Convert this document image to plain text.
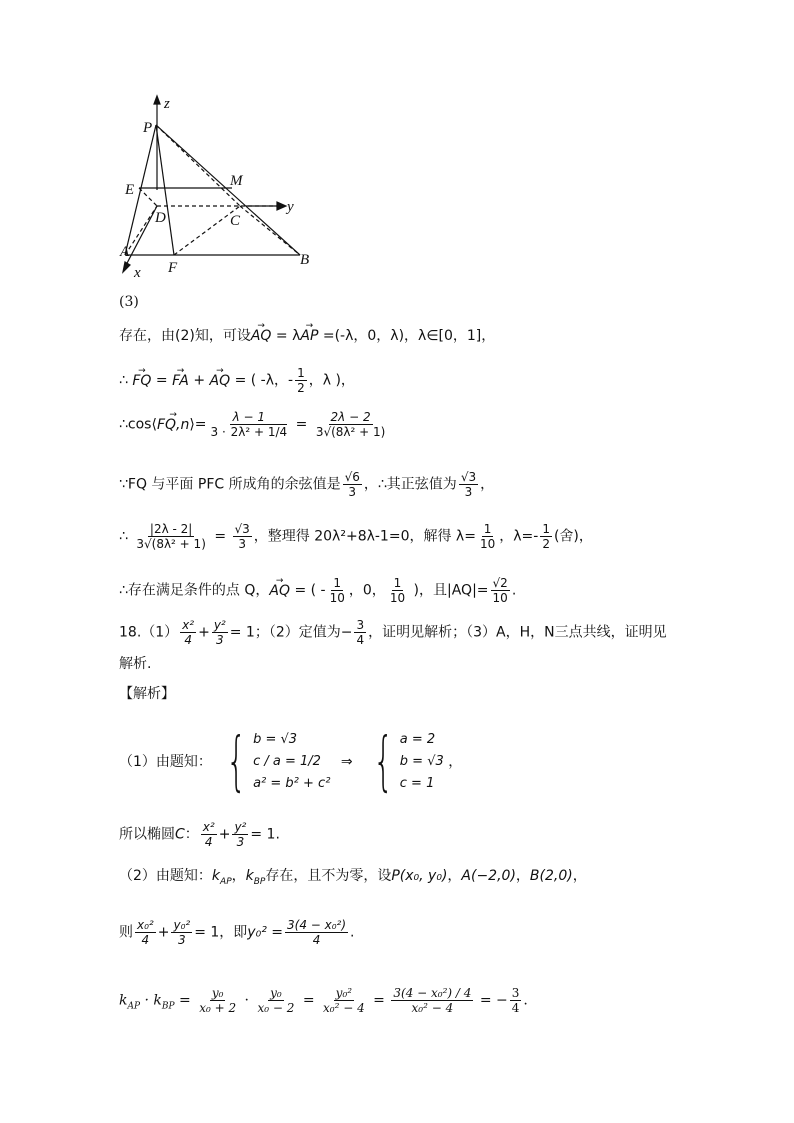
z
P
M
E
D	C
y
A
x F	B
(3)
存在，由(2)知，可设→ AQ = λ→ AP =(-λ，0，λ)，λ∈[0，1]，
∴ → FQ = → FA + → AQ = ( -λ，- $\frac{1}{2}$ ，λ )，
∴cos⟨→ FQ,n⟩= $\frac{\lambda - 1}{\text{3 · 2λ² + 1/4}} = \frac{2\lambda - 2}{\text{3√(8λ² + 1)}}$
∵FQ 与平面 PFC 所成角的余弦值是 $\frac{√6}{3}$ ，∴其正弦值为 $\frac{√3}{3}$ ，
∴ $\frac{|2\lambda - 2|}{\text{3√(8λ² + 1)}} = \frac{√3}{3}$ ，整理得 20λ²+8λ-1=0，解得 $\lambda= \frac{1}{10}$ ，$\lambda=- \frac{1}{2}$ (舍)，
∴存在满足条件的点 Q，→ AQ = ( - $\frac{1}{10}$ ，0， $\frac{1}{10}$ )，且$|AQ|= \frac{√2}{10}$ .
$18.(1) \frac{\text{x²}}{4} + \frac{\text{y²}}{3} = 1$；（2）定值为− $\frac{3}{4}$ ，证明见解析；（3）A，H，N三点共线，证明见
解析.
【解析】
（1）由题知： { b = √3
c / a = 1/2
a² = b² + c²
⇒ { a = 2
b = √3
c = 1
，
所以椭圆C： $\frac{\text{x²}}{4} + \frac{\text{y²}}{3} = 1$.
（2）由题知：$k_{AP}$，$k_{BP}$存在，且不为零，设P(x₀, y₀)，A(−2,0)，B(2,0)，
则 $\frac{\text{x₀²}}{4} + \frac{\text{y₀²}}{3} = 1$，即$y_0^2 = \frac{\text{3(4 − x₀²)}}{4}$ .
$k_{AP} \cdot k_{BP} = \frac{\text{y₀}}{\text{x₀ + 2}} \cdot \frac{\text{y₀}}{\text{x₀ − 2}} = \frac{\text{y₀²}}{\text{x₀² − 4}} = \frac{\text{3(4 − x₀²) / 4}}{\text{x₀² − 4}}$ = − $\frac{3}{4}$ .
